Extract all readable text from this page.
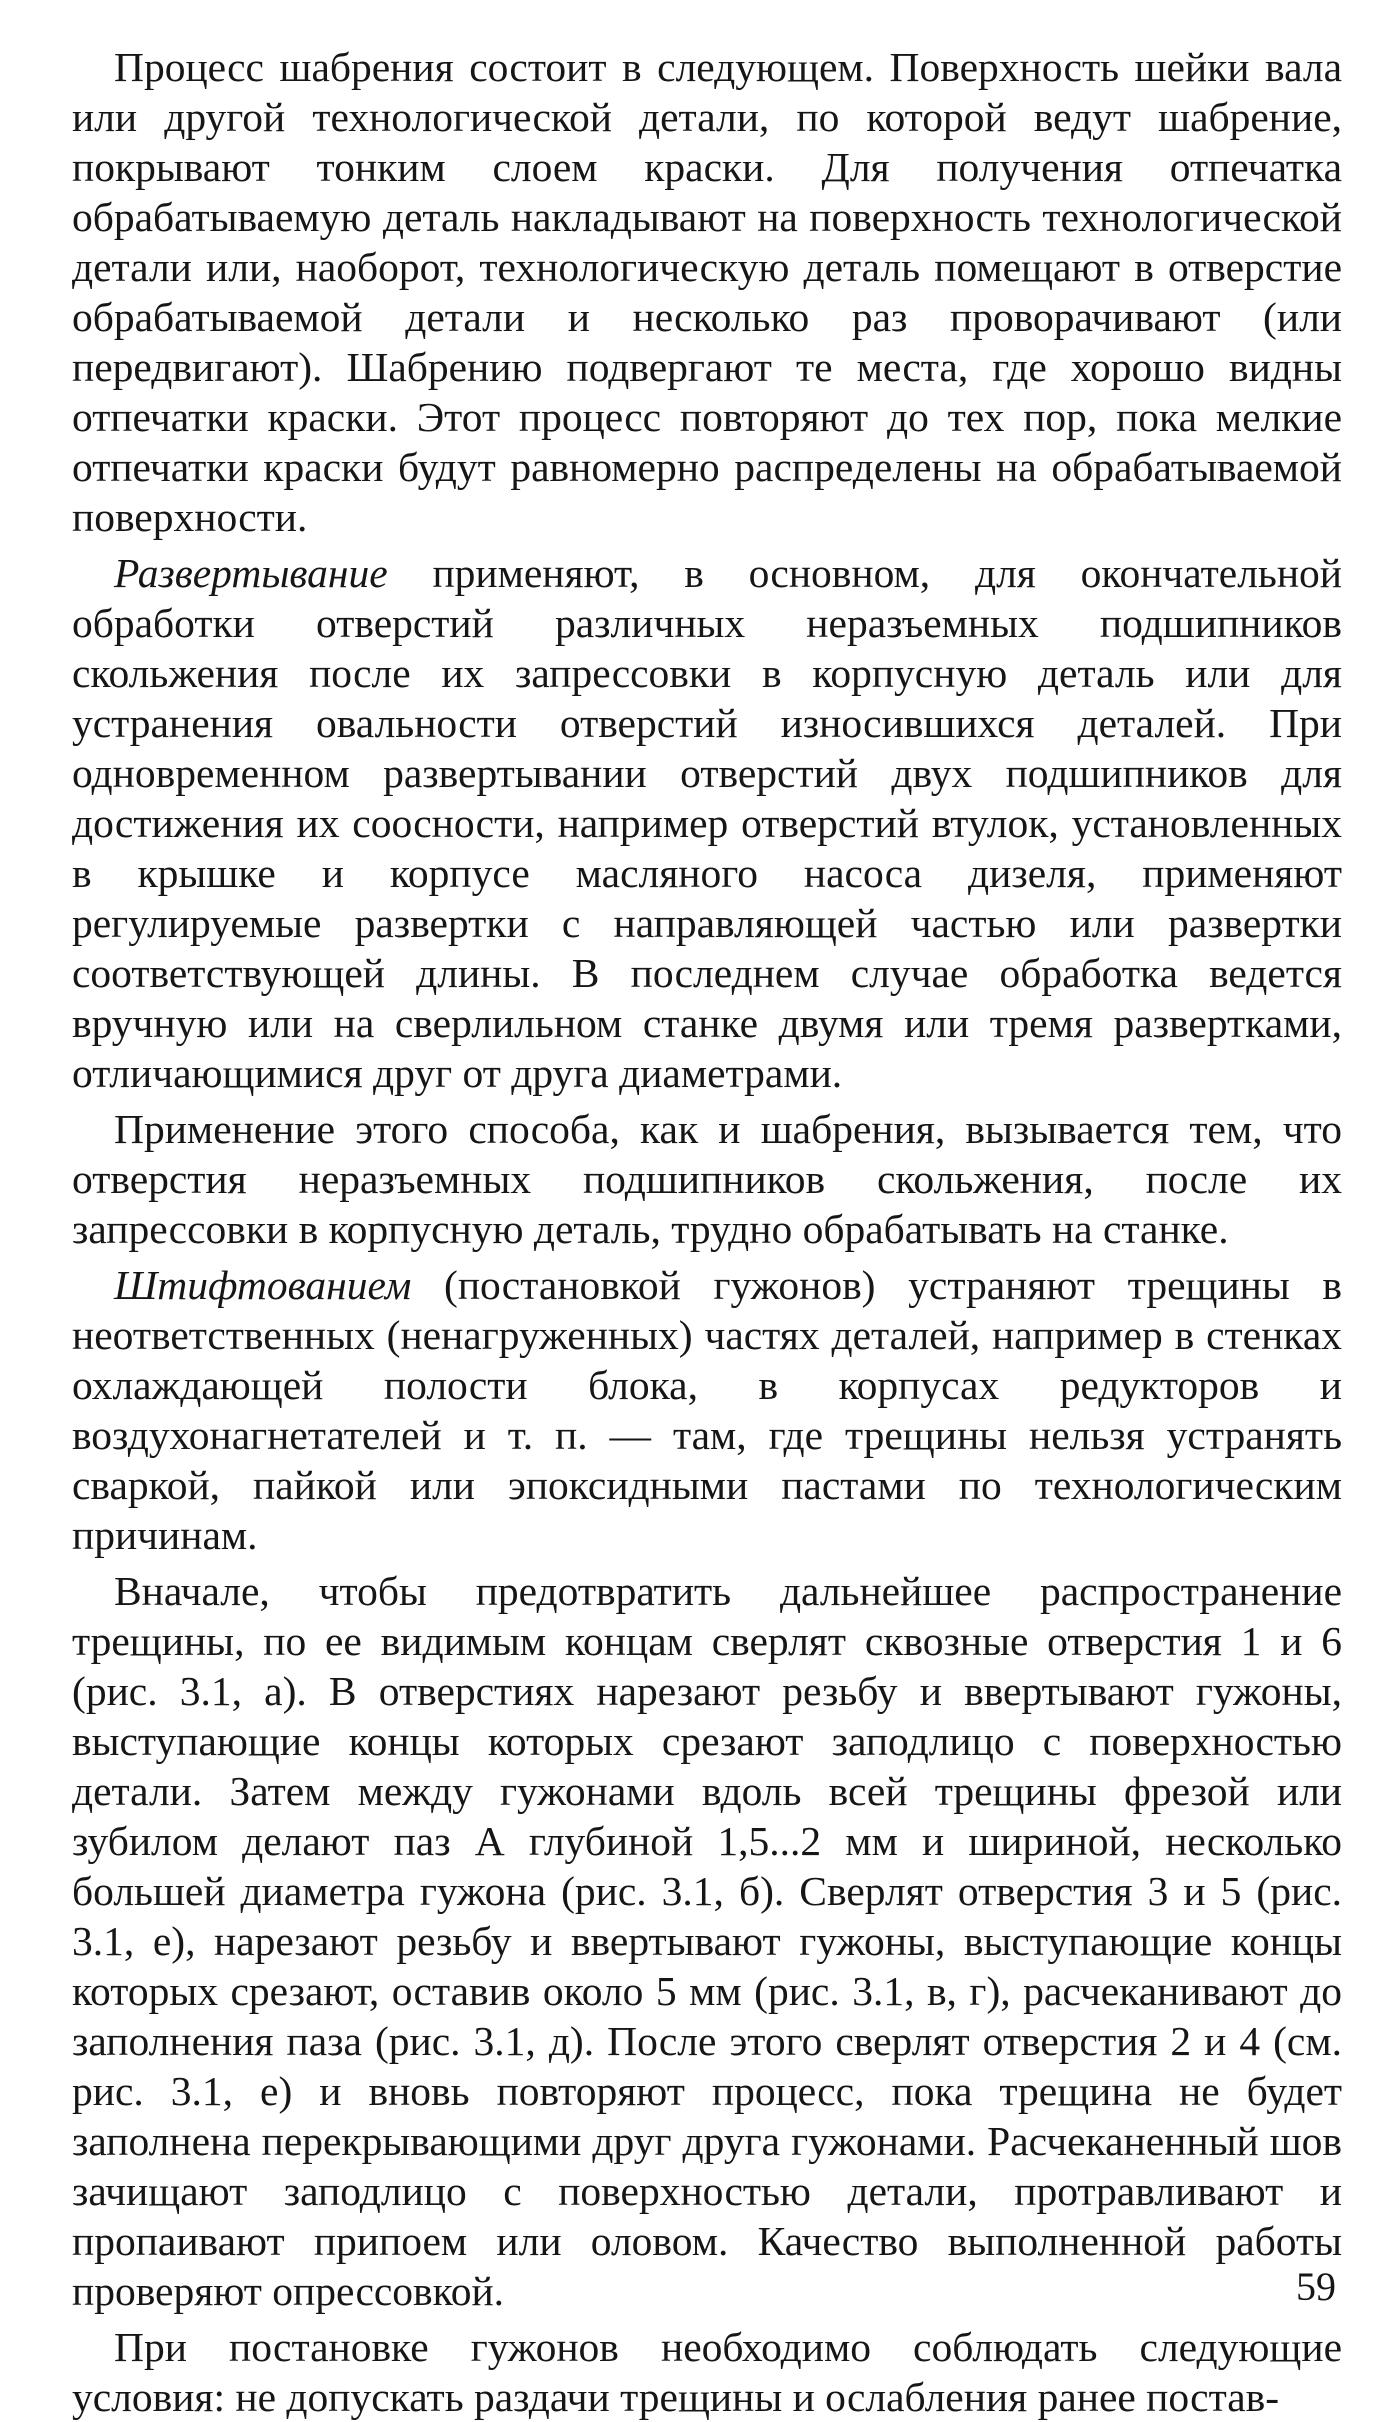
Процесс шабрения состоит в следующем. Поверхность шейки вала или другой технологической детали, по которой ведут шабрение, покрывают тонким слоем краски. Для получения отпечатка обрабатываемую деталь накладывают на поверхность технологической детали или, наоборот, технологическую деталь помещают в отверстие обрабатываемой детали и несколько раз проворачивают (или передвигают). Шабрению подвергают те места, где хорошо видны отпечатки краски. Этот процесс повторяют до тех пор, пока мелкие отпечатки краски будут равномерно распределены на обрабатываемой поверхности.

Развертывание применяют, в основном, для окончательной обработки отверстий различных неразъемных подшипников скольжения после их запрессовки в корпусную деталь или для устранения овальности отверстий износившихся деталей. При одновременном развертывании отверстий двух подшипников для достижения их соосности, например отверстий втулок, установленных в крышке и корпусе масляного насоса дизеля, применяют регулируемые развертки с направляющей частью или развертки соответствующей длины. В последнем случае обработка ведется вручную или на сверлильном станке двумя или тремя развертками, отличающимися друг от друга диаметрами.

Применение этого способа, как и шабрения, вызывается тем, что отверстия неразъемных подшипников скольжения, после их запрессовки в корпусную деталь, трудно обрабатывать на станке.

Штифтованием (постановкой гужонов) устраняют трещины в неответственных (ненагруженных) частях деталей, например в стенках охлаждающей полости блока, в корпусах редукторов и воздухонагнетателей и т. п. — там, где трещины нельзя устранять сваркой, пайкой или эпоксидными пастами по технологическим причинам.

Вначале, чтобы предотвратить дальнейшее распространение трещины, по ее видимым концам сверлят сквозные отверстия 1 и 6 (рис. 3.1, а). В отверстиях нарезают резьбу и ввертывают гужоны, выступающие концы которых срезают заподлицо с поверхностью детали. Затем между гужонами вдоль всей трещины фрезой или зубилом делают паз А глубиной 1,5...2 мм и шириной, несколько большей диаметра гужона (рис. 3.1, б). Сверлят отверстия 3 и 5 (рис. 3.1, е), нарезают резьбу и ввертывают гужоны, выступающие концы которых срезают, оставив около 5 мм (рис. 3.1, в, г), расчеканивают до заполнения паза (рис. 3.1, д). После этого сверлят отверстия 2 и 4 (см. рис. 3.1, е) и вновь повторяют процесс, пока трещина не будет заполнена перекрывающими друг друга гужонами. Расчеканенный шов зачищают заподлицо с поверхностью детали, протравливают и пропаивают припоем или оловом. Качество выполненной работы проверяют опрессовкой.

При постановке гужонов необходимо соблюдать следующие условия: не допускать раздачи трещины и ослабления ранее постав-

59
